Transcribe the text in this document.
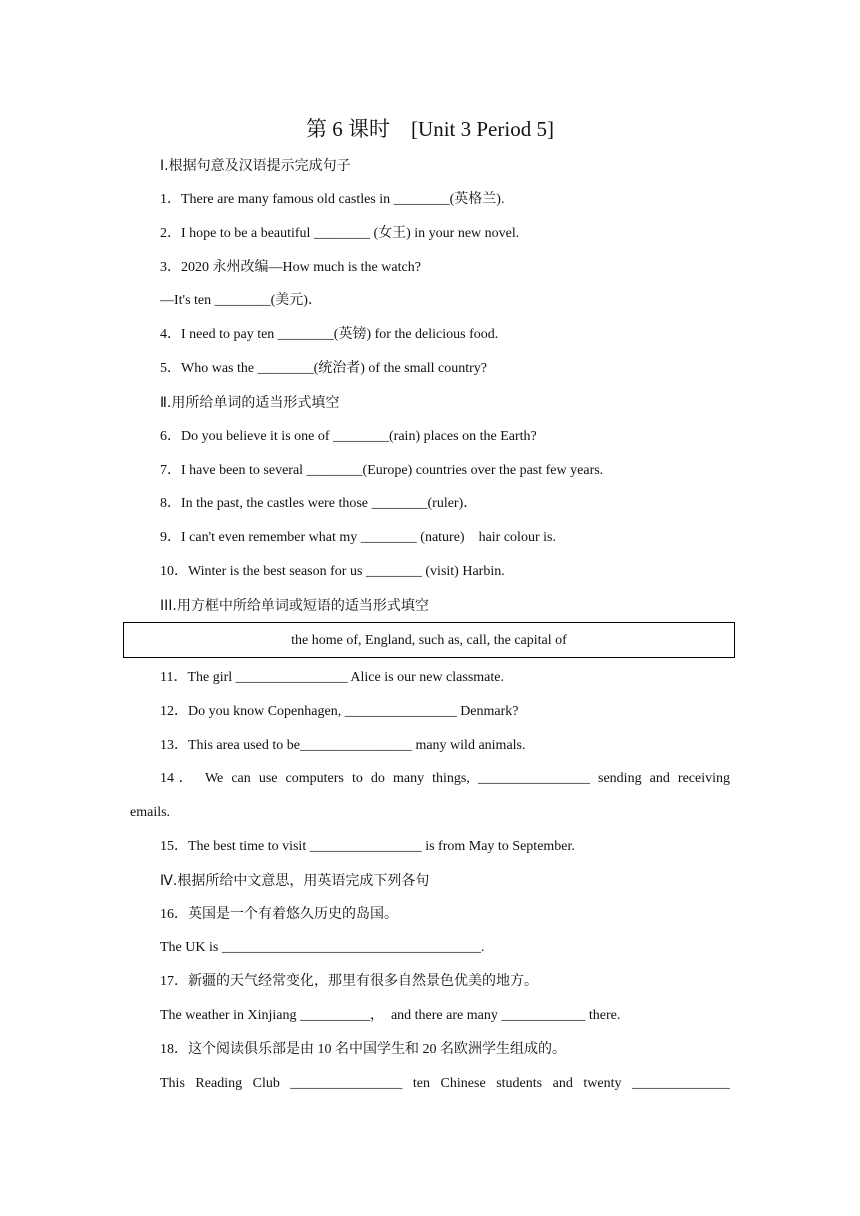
第 6 课时　[Unit 3 Period 5]
Ⅰ.根据句意及汉语提示完成句子
1．There are many famous old castles in ________(英格兰).
2．I hope to be a beautiful ________ (女王) in your new novel.
3．2020 永州改编—How much is the watch?
—It's ten ________(美元)．
4．I need to pay ten ________(英镑) for the delicious food.
5．Who was the ________(统治者) of the small country?
Ⅱ.用所给单词的适当形式填空
6．Do you believe it is one of ________(rain) places on the Earth?
7．I have been to several ________(Europe) countries over the past few years.
8．In the past, the castles were those ________(ruler)．
9．I can't even remember what my ________ (nature)　hair colour is.
10．Winter is the best season for us ________ (visit) Harbin.
III.用方框中所给单词或短语的适当形式填空
the home of, England, such as, call, the capital of
11．The girl ________________ Alice is our new classmate.
12．Do you know Copenhagen, ________________ Denmark?
13．This area used to be________________ many wild animals.
14． We can use computers to do many things, ________________ sending and receiving
emails.
15．The best time to visit ________________ is from May to September.
Ⅳ.根据所给中文意思，用英语完成下列各句
16．英国是一个有着悠久历史的岛国。
The UK is _____________________________________.
17．新疆的天气经常变化，那里有很多自然景色优美的地方。
The weather in Xinjiang __________，　and there are many ____________ there.
18．这个阅读俱乐部是由 10 名中国学生和 20 名欧洲学生组成的。
This Reading Club ________________ ten Chinese students and twenty ______________
